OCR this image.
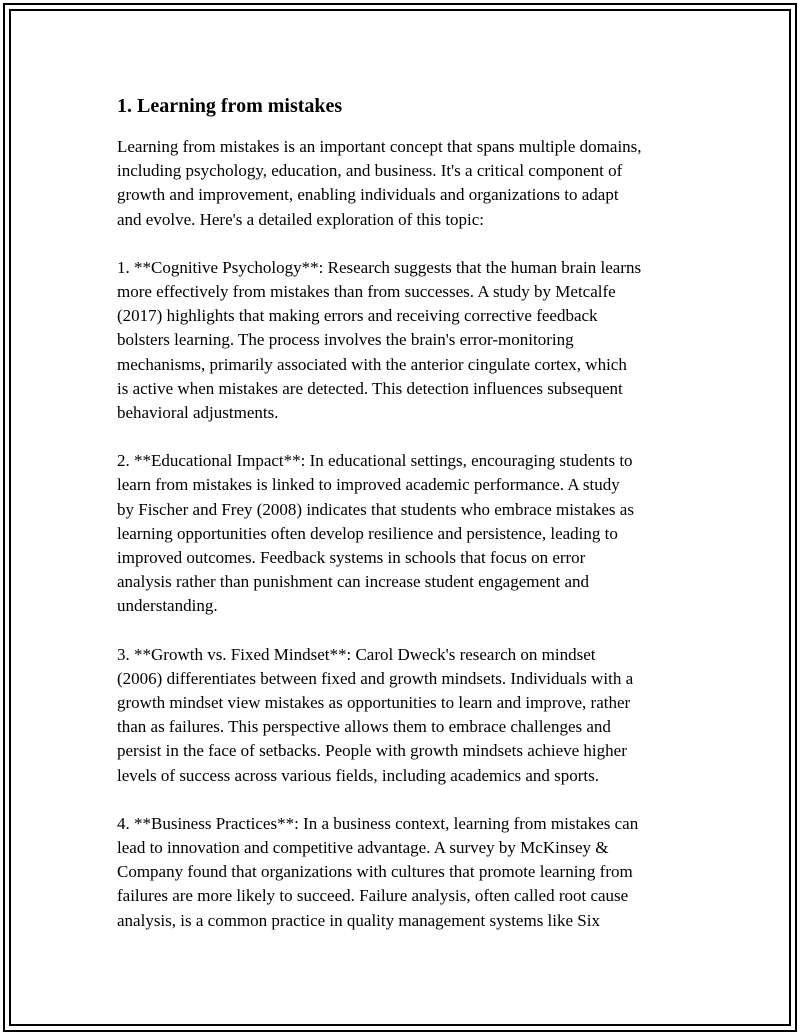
1. Learning from mistakes

Learning from mistakes is an important concept that spans multiple domains,
including psychology, education, and business. It's a critical component of
growth and improvement, enabling individuals and organizations to adapt
and evolve. Here's a detailed exploration of this topic:

1. **Cognitive Psychology**: Research suggests that the human brain learns
more effectively from mistakes than from successes. A study by Metcalfe
(2017) highlights that making errors and receiving corrective feedback
bolsters learning. The process involves the brain's error-monitoring
mechanisms, primarily associated with the anterior cingulate cortex, which
is active when mistakes are detected. This detection influences subsequent
behavioral adjustments.

2. **Educational Impact**: In educational settings, encouraging students to
learn from mistakes is linked to improved academic performance. A study
by Fischer and Frey (2008) indicates that students who embrace mistakes as
learning opportunities often develop resilience and persistence, leading to
improved outcomes. Feedback systems in schools that focus on error
analysis rather than punishment can increase student engagement and
understanding.

3. **Growth vs. Fixed Mindset**: Carol Dweck's research on mindset
(2006) differentiates between fixed and growth mindsets. Individuals with a
growth mindset view mistakes as opportunities to learn and improve, rather
than as failures. This perspective allows them to embrace challenges and
persist in the face of setbacks. People with growth mindsets achieve higher
levels of success across various fields, including academics and sports.

4. **Business Practices**: In a business context, learning from mistakes can
lead to innovation and competitive advantage. A survey by McKinsey &
Company found that organizations with cultures that promote learning from
failures are more likely to succeed. Failure analysis, often called root cause
analysis, is a common practice in quality management systems like Six
